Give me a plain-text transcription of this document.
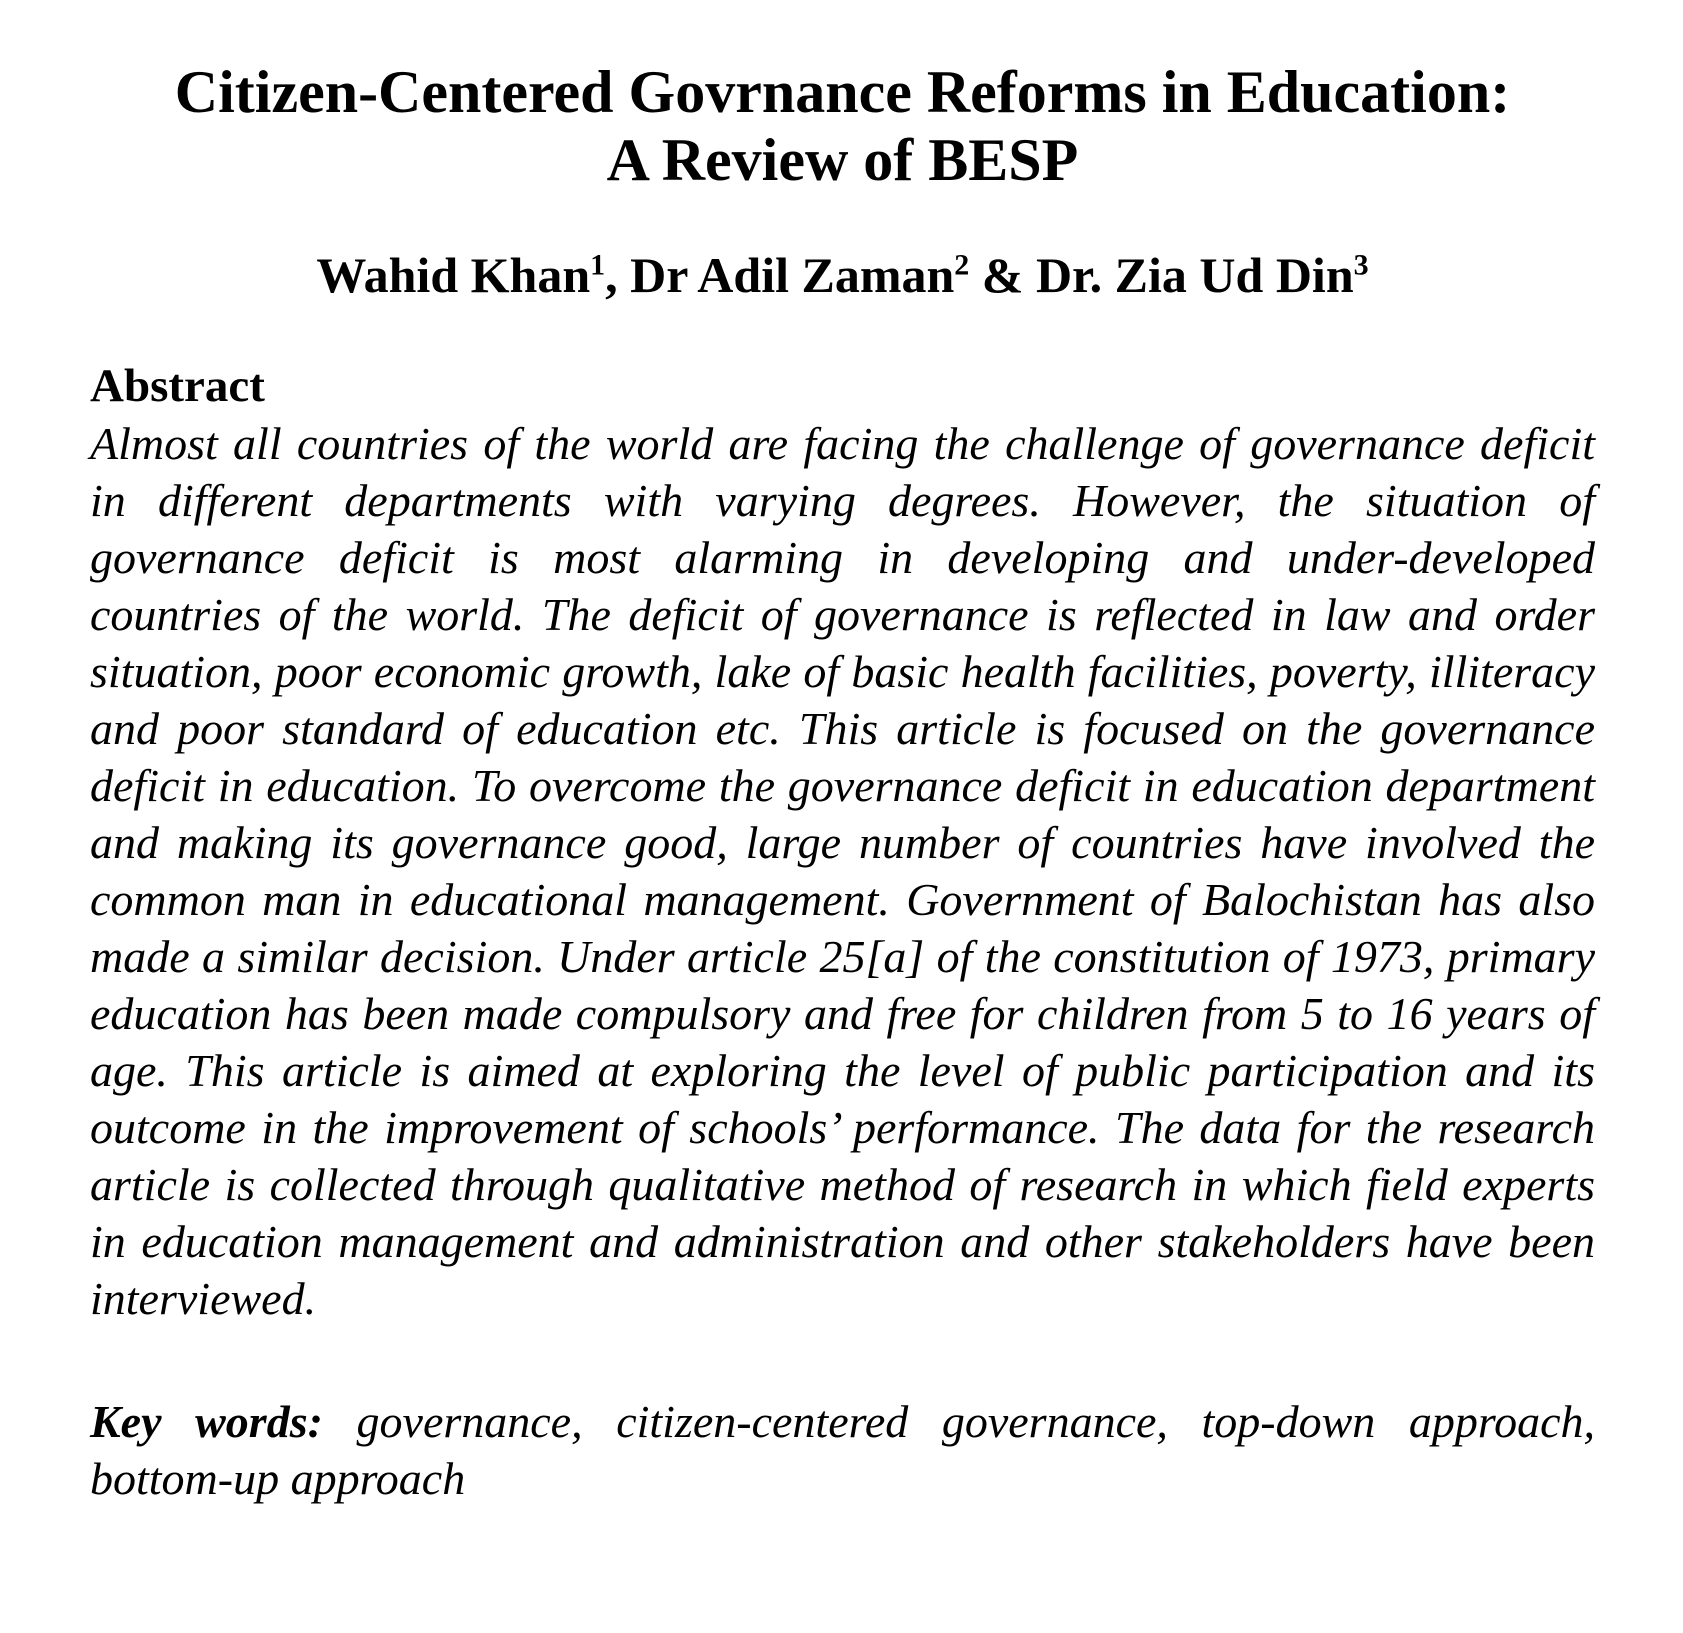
Citizen-Centered Govrnance Reforms in Education:
A Review of BESP
Wahid Khan$^1$, Dr Adil Zaman$^2$ & Dr. Zia Ud Din$^3$
Abstract

Almost all countries of the world are facing the challenge of governance deficit in different departments with varying degrees. However, the situation of governance deficit is most alarming in developing and under-developed countries of the world. The deficit of governance is reflected in law and order situation, poor economic growth, lake of basic health facilities, poverty, illiteracy and poor standard of education etc. This article is focused on the governance deficit in education. To overcome the governance deficit in education department and making its governance good, large number of countries have involved the common man in educational management. Government of Balochistan has also made a similar decision. Under article 25[a] of the constitution of 1973, primary education has been made compulsory and free for children from 5 to 16 years of age. This article is aimed at exploring the level of public participation and its outcome in the improvement of schools’ performance. The data for the research article is collected through qualitative method of research in which field experts in education management and administration and other stakeholders have been interviewed.

Key words: governance, citizen-centered governance, top-down approach, bottom-up approach
